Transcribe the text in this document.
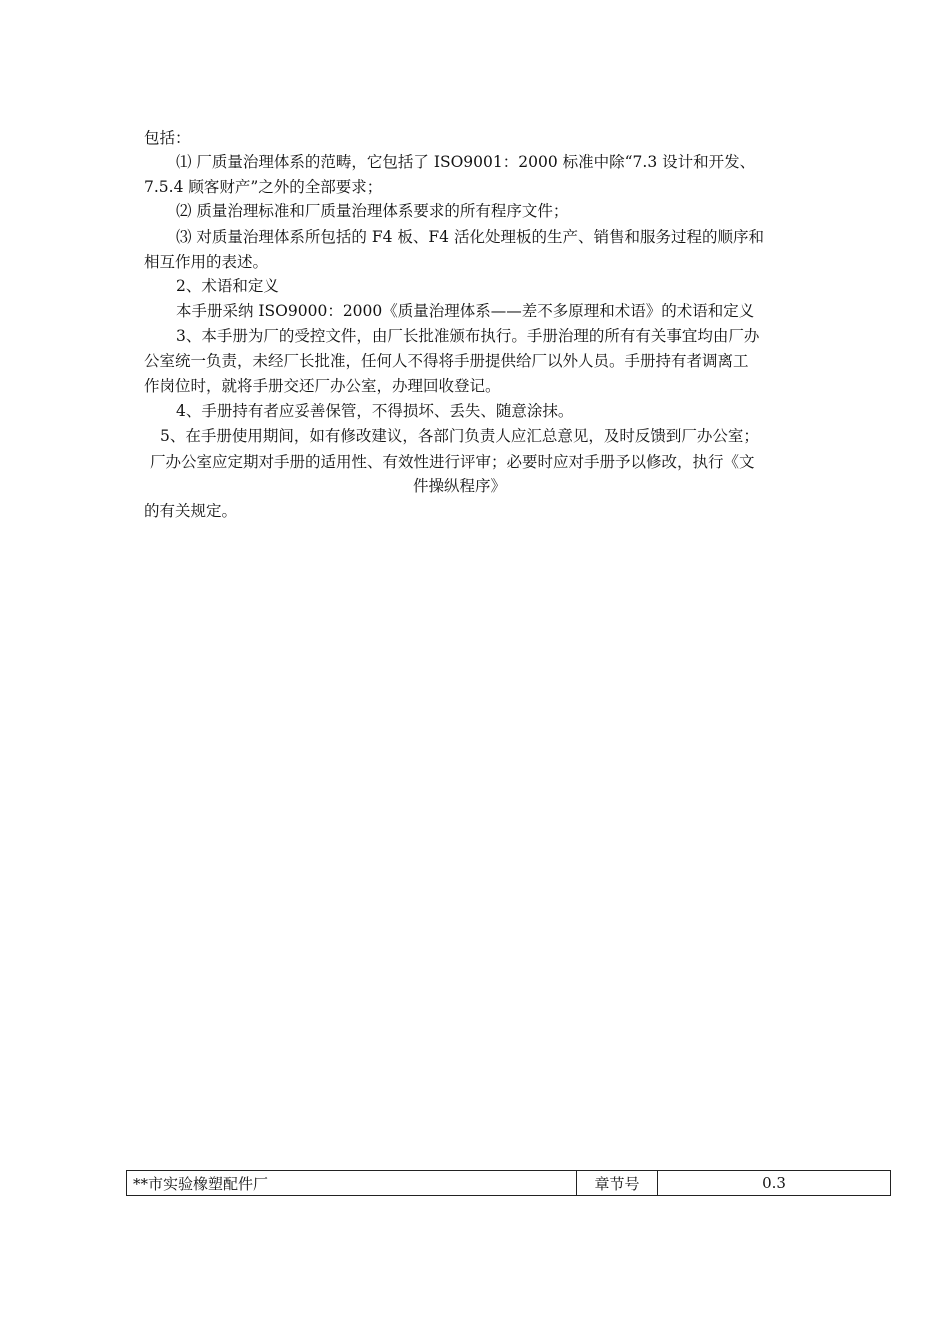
包括：
⑴ 厂质量治理体系的范畴，它包括了 ISO9001：2000 标准中除“7.3 设计和开发、
7.5.4 顾客财产”之外的全部要求；
⑵ 质量治理标准和厂质量治理体系要求的所有程序文件；
⑶ 对质量治理体系所包括的 F4 板、F4 活化处理板的生产、销售和服务过程的顺序和
相互作用的表述。
2、术语和定义
本手册采纳 ISO9000：2000《质量治理体系——差不多原理和术语》的术语和定义
3、本手册为厂的受控文件，由厂长批准颁布执行。手册治理的所有有关事宜均由厂办
公室统一负责，未经厂长批准，任何人不得将手册提供给厂以外人员。手册持有者调离工
作岗位时，就将手册交还厂办公室，办理回收登记。
4、手册持有者应妥善保管，不得损坏、丢失、随意涂抹。
5、在手册使用期间，如有修改建议，各部门负责人应汇总意见，及时反馈到厂办公室；
厂办公室应定期对手册的适用性、有效性进行评审；必要时应对手册予以修改，执行《文
件操纵程序》
的有关规定。
**市实验橡塑配件厂	章节号	0.3
